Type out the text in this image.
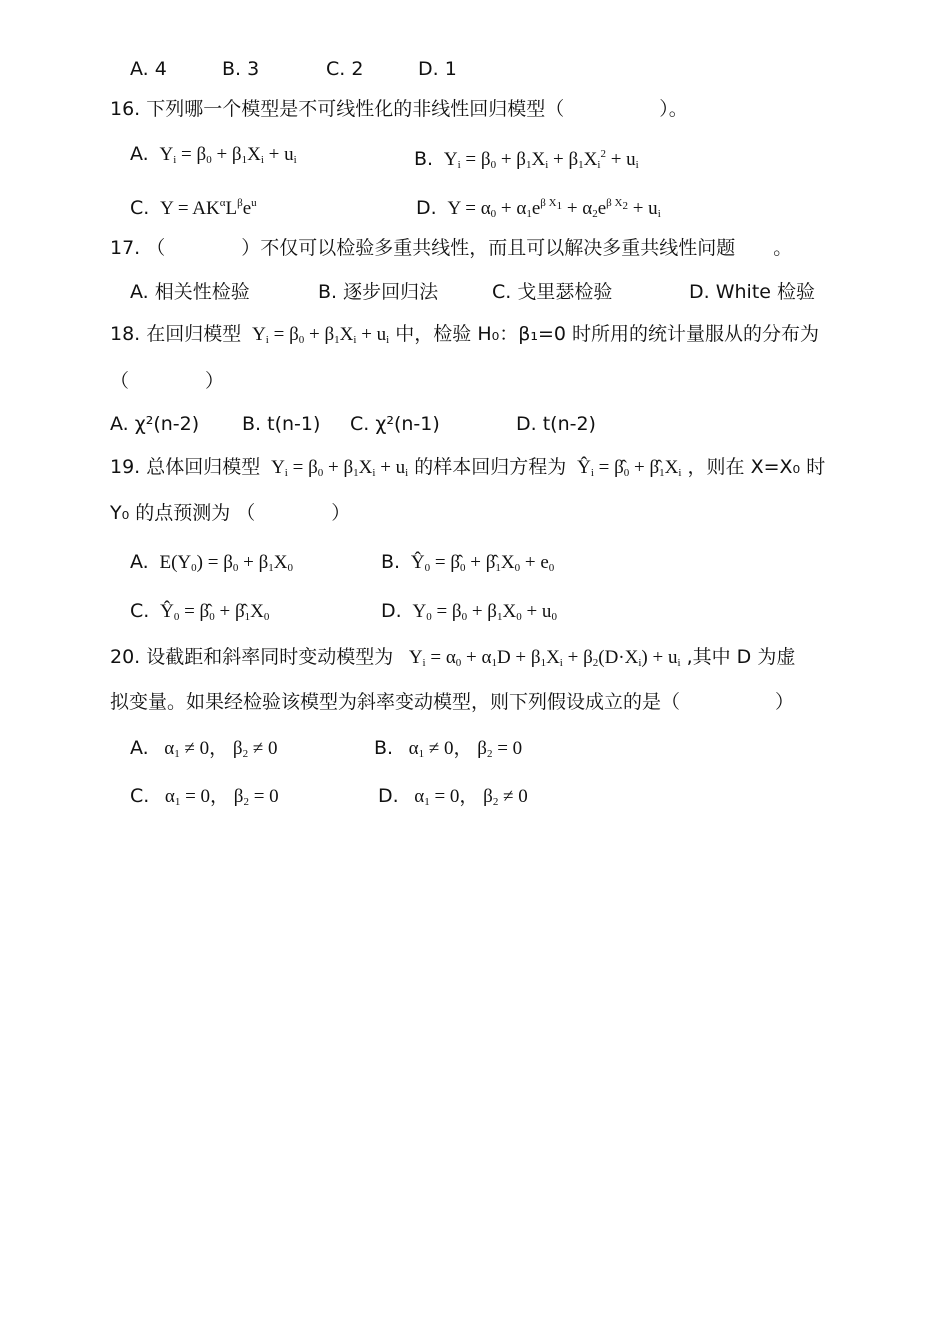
A. 4	B. 3	C. 2	D. 1
16. 下列哪一个模型是不可线性化的非线性回归模型（　　　　　）。
A.  $Y_i = \beta_0 + \beta_1X_i + u_i$	B.  $Y_i = \beta_0 + \beta_1X_i + \beta_1X_i^2 + u_i$
C.  $Y = AK^\alpha L^\beta e^u$	D.  $Y = \alpha_0 + \alpha_1e^{\beta X_1} + \alpha_2e^{\beta X_2} + u_i$
17. （　　　　）不仅可以检验多重共线性，而且可以解决多重共线性问题　　。
A. 相关性检验	B. 逐步回归法	C. 戈里瑟检验	D. White 检验
18. 在回归模型  $Y_i = \beta_0 + \beta_1X_i + u_i$ 中，检验 H₀：β₁=0 时所用的统计量服从的分布为
（　　　　）
A. χ²(n-2) B. t(n-1) C. χ²(n-1)	D. t(n-2)
19. 总体回归模型  $Y_i = \beta_0 + \beta_1X_i + u_i$ 的样本回归方程为  $Ŷ_i$ = $\betâ_0$ + $\betâ_1X_i$ ，则在 X=X₀ 时
Y₀ 的点预测为 （　　　　）
A.  $E(Y_0) = \beta_0 + \beta_1X_0$	B.  $Ŷ_0$ = $\betâ_0$ + $\betâ_1X_0 + e_0$
C.  $Ŷ_0$ = $\betâ_0$ + $\betâ_1X_0$	D.  $Y_0 = \beta_0 + \beta_1X_0 + u_0$
20. 设截距和斜率同时变动模型为   $Y_i = \alpha_0 + \alpha_1D + \beta_1X_i + \beta_2(D\cdot X_i) + u_i$ ,其中 D 为虚
拟变量。如果经检验该模型为斜率变动模型，则下列假设成立的是（　　　　　）
A.   $\alpha_1 \ne 0$， $\beta_2 \ne 0$	B.   $\alpha_1 \ne 0$， $\beta_2 = 0$
C.   $\alpha_1 = 0$， $\beta_2 = 0$	D.   $\alpha_1 = 0$， $\beta_2 \ne 0$
